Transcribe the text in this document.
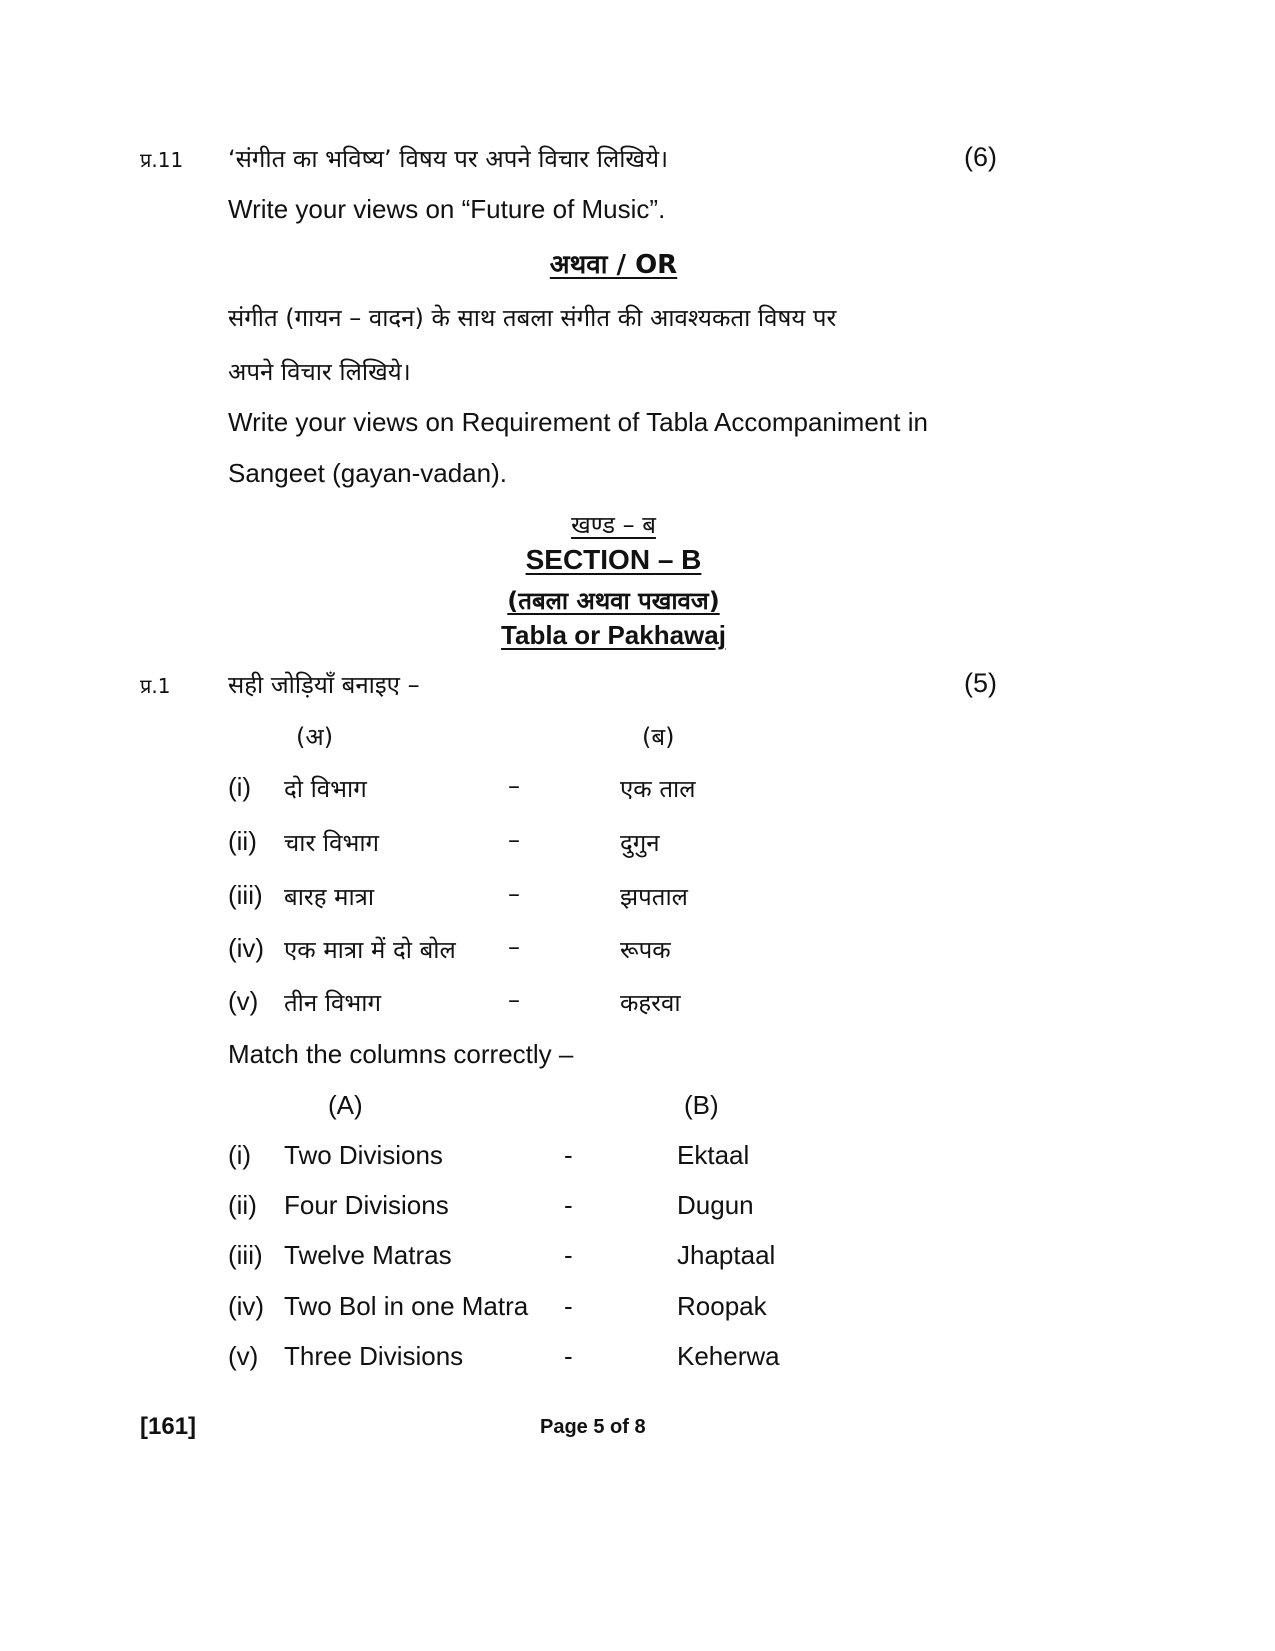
प्र.11 ‘संगीत का भविष्य’ विषय पर अपने विचार लिखिये।	(6)
Write your views on “Future of Music”.
अथवा / OR
संगीत (गायन – वादन) के साथ तबला संगीत की आवश्यकता विषय पर
अपने विचार लिखिये।
Write your views on Requirement of Tabla Accompaniment in
Sangeet (gayan-vadan).
खण्ड – ब
SECTION – B
(तबला अथवा पखावज)
Tabla or Pakhawaj
प्र.1 सही जोड़ियाँ बनाइए –	(5)
(अ)	(ब)
(i) दो विभाग	–	एक ताल
(ii) चार विभाग	–	दुगुन
(iii) बारह मात्रा	–	झपताल
(iv) एक मात्रा में दो बोल –	रूपक
(v) तीन विभाग	–	कहरवा
Match the columns correctly –
(A)	(B)
(i) Two Divisions	-	Ektaal
(ii) Four Divisions	-	Dugun
(iii) Twelve Matras	-	Jhaptaal
(iv) Two Bol in one Matra -	Roopak
(v) Three Divisions	-	Keherwa
[161]	Page 5 of 8
